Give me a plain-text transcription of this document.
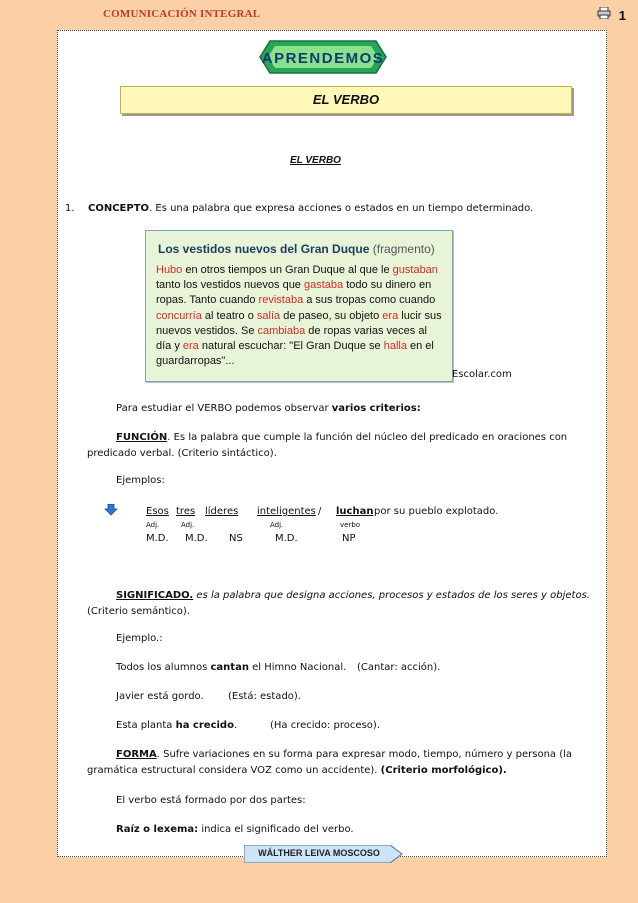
COMUNICACIÓN INTEGRAL	1
APRENDEMOS
EL VERBO
EL VERBO
1. CONCEPTO. Es una palabra que expresa acciones o estados en un tiempo determinado.
Los vestidos nuevos del Gran Duque (fragmento)
Hubo en otros tiempos un Gran Duque al que le gustaban
tanto los vestidos nuevos que gastaba todo su dinero en
ropas. Tanto cuando revistaba a sus tropas como cuando
concurría al teatro o salía de paseo, su objeto era lucir sus
nuevos vestidos. Se cambiaba de ropas varias veces al
día y era natural escuchar: "El Gran Duque se halla en el
guardarropas"...
Escolar.com
Para estudiar el VERBO podemos observar varios criterios:
FUNCIÓN. Es la palabra que cumple la función del núcleo del predicado en oraciones con
predicado verbal. (Criterio sintáctico).
Ejemplos:
Esos tres líderes inteligentes / luchan por su pueblo explotado.
Adj.	Adj.	Adj.	verbo
M.D. M.D. NS	M.D.	NP
SIGNIFICADO. es la palabra que designa acciones, procesos y estados de los seres y objetos.
(Criterio semántico).
Ejemplo.:
Todos los alumnos cantan el Himno Nacional. (Cantar: acción).
Javier está gordo. (Está: estado).
Esta planta ha crecido.	(Ha crecido: proceso).
FORMA. Sufre variaciones en su forma para expresar modo, tiempo, número y persona (la
gramática estructural considera VOZ como un accidente). (Criterio morfológico).
El verbo está formado por dos partes:
Raíz o lexema: indica el significado del verbo.
WÁLTHER LEIVA MOSCOSO
